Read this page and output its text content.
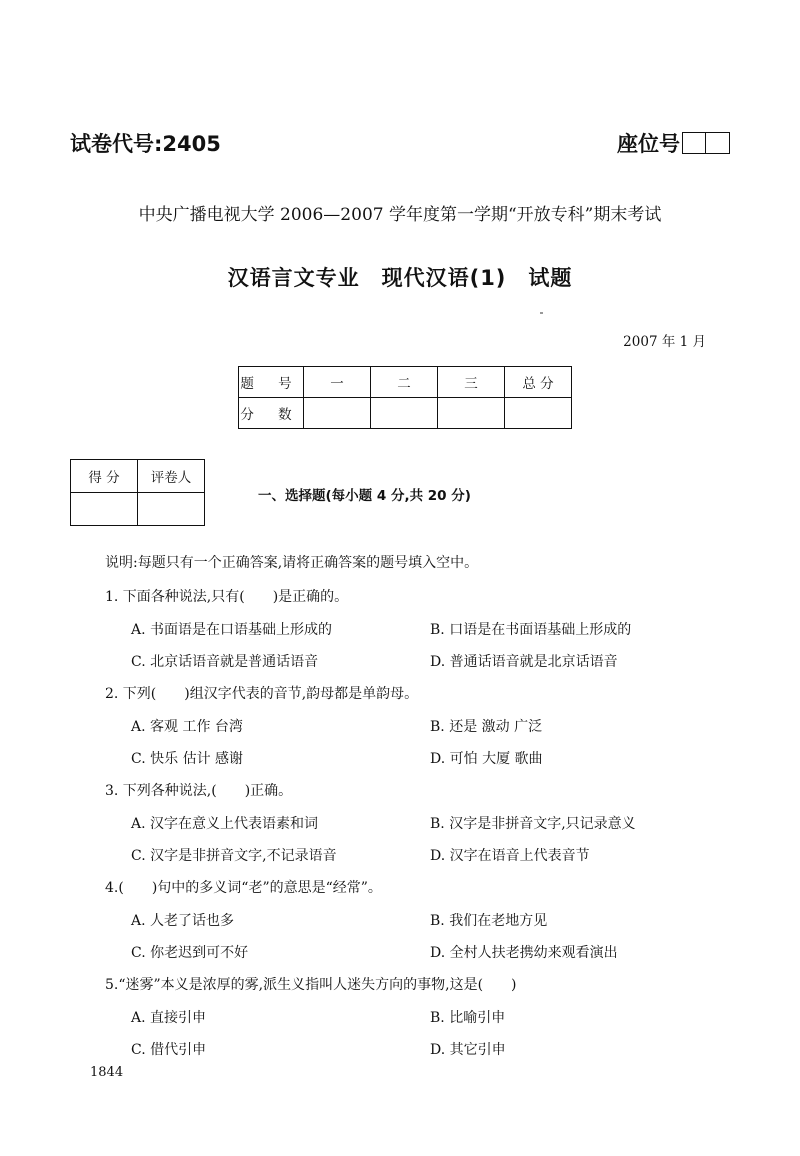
试卷代号:2405	座位号
中央广播电视大学 2006—2007 学年度第一学期“开放专科”期末考试
汉语言文专业　现代汉语(1)　试题
2007 年 1 月
题 号	一	二	三	总 分
分 数				
得 分	评卷人

一、选择题(每小题 4 分,共 20 分)
说明:每题只有一个正确答案,请将正确答案的题号填入空中。
1. 下面各种说法,只有(　　)是正确的。
A. 书面语是在口语基础上形成的	B. 口语是在书面语基础上形成的
C. 北京话语音就是普通话语音	D. 普通话语音就是北京话语音
2. 下列(　　)组汉字代表的音节,韵母都是单韵母。
A. 客观 工作 台湾	B. 还是 激动 广泛
C. 快乐 估计 感谢	D. 可怕 大厦 歌曲
3. 下列各种说法,(　　)正确。
A. 汉字在意义上代表语素和词	B. 汉字是非拼音文字,只记录意义
C. 汉字是非拼音文字,不记录语音	D. 汉字在语音上代表音节
4.(　　)句中的多义词“老”的意思是“经常”。
A. 人老了话也多	B. 我们在老地方见
C. 你老迟到可不好	D. 全村人扶老携幼来观看演出
5.“迷雾”本义是浓厚的雾,派生义指叫人迷失方向的事物,这是(　　)
A. 直接引申	B. 比喻引申
C. 借代引申	D. 其它引申
1844
